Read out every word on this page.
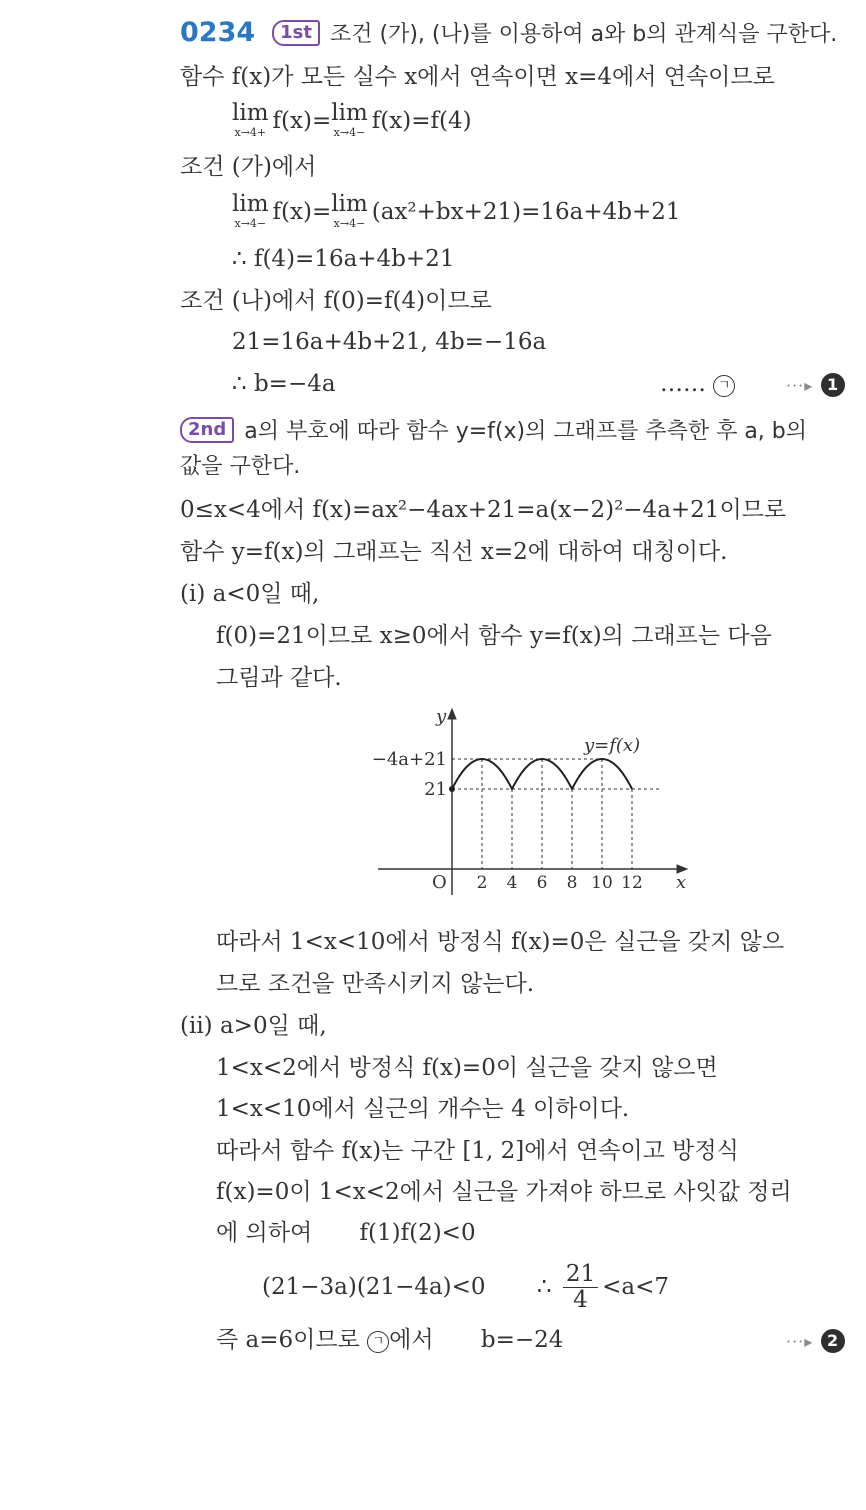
0234 1st 조건 (가), (나)를 이용하여 a와 b의 관계식을 구한다.
함수 f(x)가 모든 실수 x에서 연속이면 x=4에서 연속이므로
lim
x→4+ f(x)= lim
x→4− f(x)=f(4)
조건 (가)에서
lim
x→4− f(x)= lim
x→4− (ax²+bx+21)=16a+4b+21
∴ f(4)=16a+4b+21
조건 (나)에서 f(0)=f(4)이므로
21=16a+4b+21, 4b=−16a
∴ b=−4a	…… ㄱ	···▸ 1
2nd a의 부호에 따라 함수 y=f(x)의 그래프를 추측한 후 a, b의
값을 구한다.
0≤x<4에서 f(x)=ax²−4ax+21=a(x−2)²−4a+21이므로
함수 y=f(x)의 그래프는 직선 x=2에 대하여 대칭이다.
(ⅰ) a<0일 때,
f(0)=21이므로 x≥0에서 함수 y=f(x)의 그래프는 다음
그림과 같다.
y
x
O
y=f(x)
−4a+21
21
2 4 6 8 10 12
따라서 1<x<10에서 방정식 f(x)=0은 실근을 갖지 않으
므로 조건을 만족시키지 않는다.
(ⅱ) a>0일 때,
1<x<2에서 방정식 f(x)=0이 실근을 갖지 않으면
1<x<10에서 실근의 개수는 4 이하이다.
따라서 함수 f(x)는 구간 [1, 2]에서 연속이고 방정식
f(x)=0이 1<x<2에서 실근을 가져야 하므로 사잇값 정리
에 의하여 f(1)f(2)<0
(21−3a)(21−4a)<0 ∴ $\frac{21}{4} <a<7$
즉 a=6이므로 ㄱ 에서 b=−24	···▸ 2
